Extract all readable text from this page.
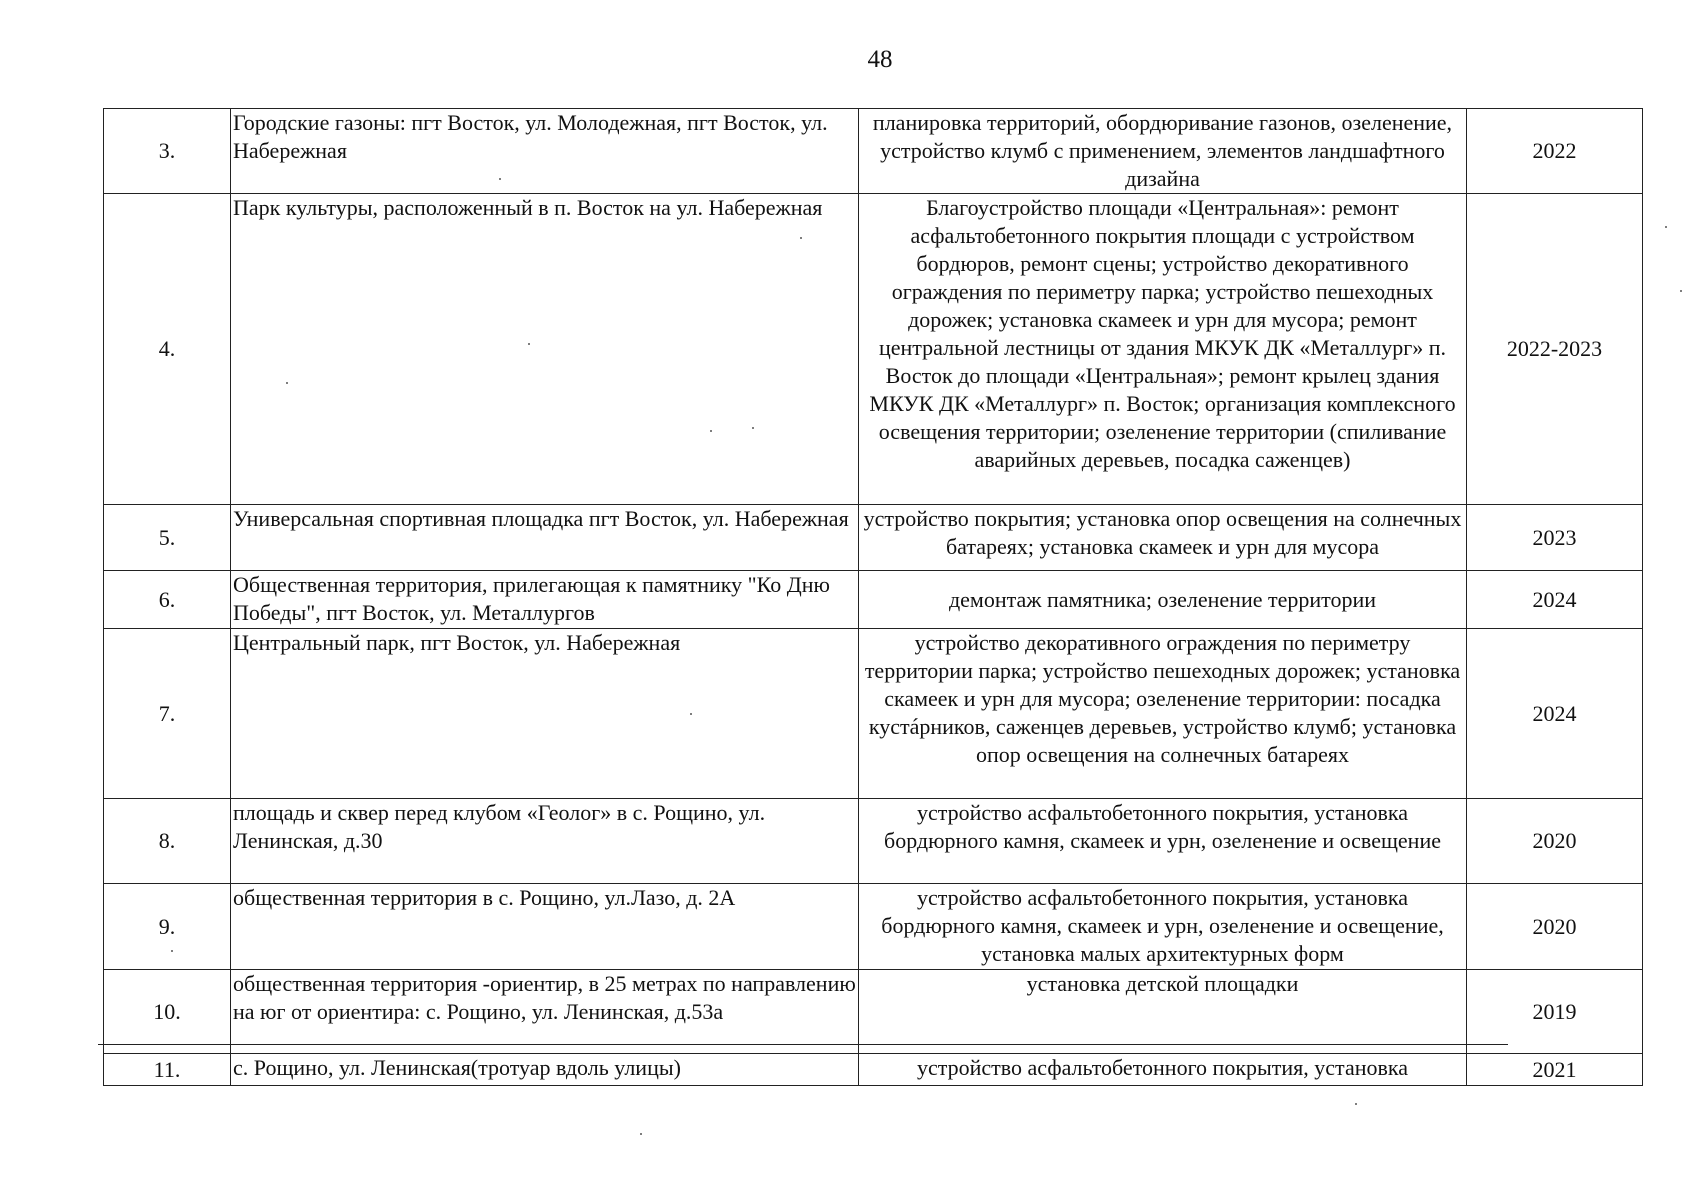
48
3.	Городские газоны: пгт Восток, ул. Молодежная, пгт Восток, ул. Набережная	планировка территорий, обордюривание газонов, озеленение, устройство клумб с применением, элементов ландшафтного дизайна	2022
4.	Парк культуры, расположенный в п. Восток на ул. Набережная	Благоустройство площади «Центральная»: ремонт асфальтобетонного покрытия площади с устройством бордюров, ремонт сцены; устройство декоративного ограждения по периметру парка; устройство пешеходных дорожек; установка скамеек и урн для мусора; ремонт центральной лестницы от здания МКУК ДК «Металлург» п. Восток до площади «Центральная»; ремонт крылец здания МКУК ДК «Металлург» п. Восток; организация комплексного освещения территории; озеленение территории (спиливание аварийных деревьев, посадка саженцев)	2022-2023
5.	Универсальная спортивная площадка пгт Восток, ул. Набережная	устройство покрытия; установка опор освещения на солнечных батареях; установка скамеек и урн для мусора	2023
6.	Общественная территория, прилегающая к памятнику "Ко Дню Победы", пгт Восток, ул. Металлургов	демонтаж памятника; озеленение территории	2024
7.	Центральный парк, пгт Восток, ул. Набережная	устройство декоративного ограждения по периметру территории парка; устройство пешеходных дорожек; установка скамеек и урн для мусора; озеленение территории: посадка кустáрников, саженцев деревьев, устройство клумб; установка опор освещения на солнечных батареях	2024
8.	площадь и сквер перед клубом «Геолог» в с. Рощино, ул. Ленинская, д.30	устройство асфальтобетонного покрытия, установка бордюрного камня, скамеек и урн, озеленение и освещение	2020
9.	общественная территория в с. Рощино, ул.Лазо, д. 2А	устройство асфальтобетонного покрытия, установка бордюрного камня, скамеек и урн, озеленение и освещение, установка малых архитектурных форм	2020
10.	общественная территория -ориентир, в 25 метрах по направлению на юг от ориентира: с. Рощино, ул. Ленинская, д.53а	установка детской площадки	2019
11.	с. Рощино, ул. Ленинская(тротуар вдоль улицы)	устройство асфальтобетонного покрытия, установка	2021
